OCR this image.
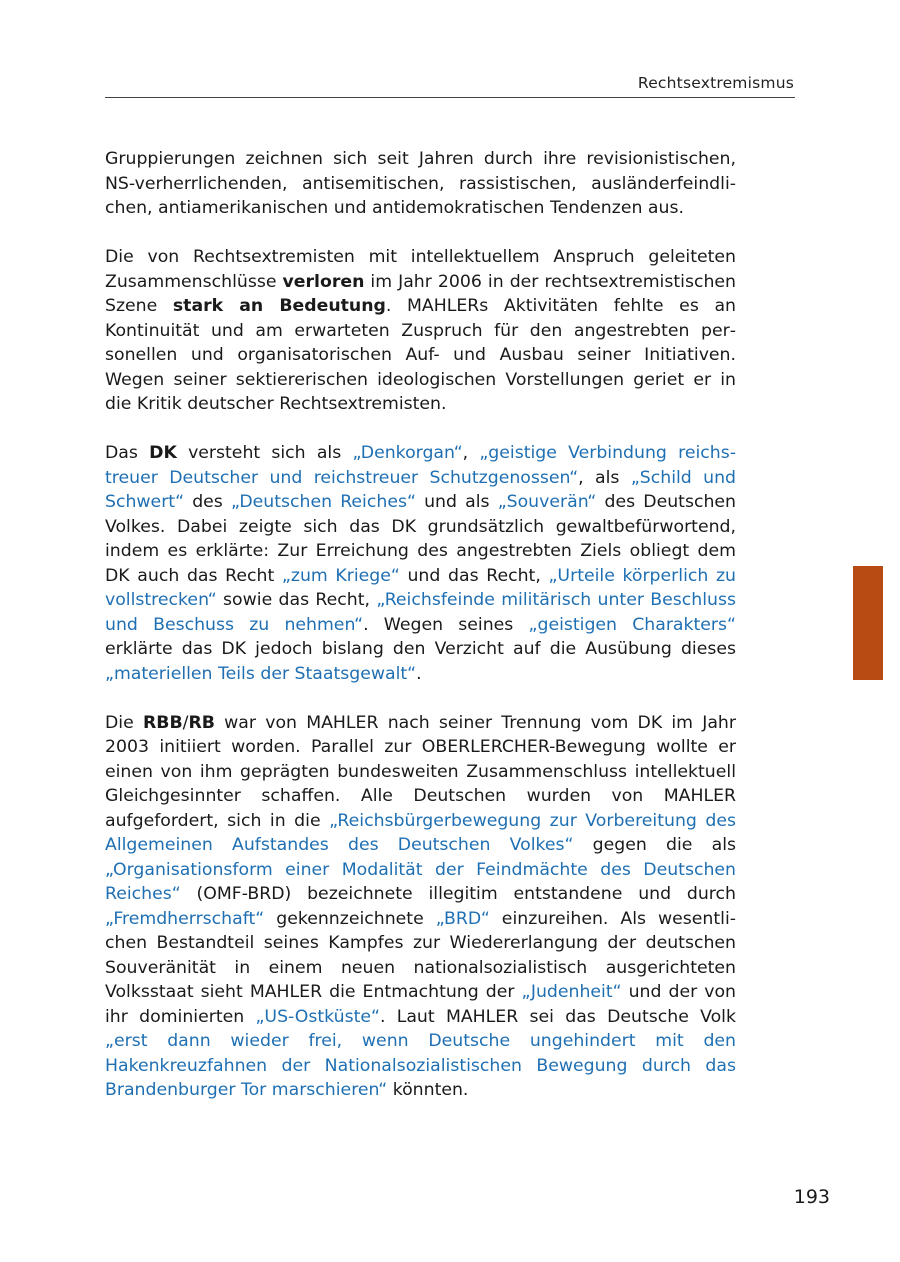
Rechtsextremismus

Gruppierungen zeichnen sich seit Jahren durch ihre revisionistischen, NS-verherrlichenden, antisemitischen, rassistischen, ausländerfeindlichen, antiamerikanischen und antidemokratischen Tendenzen aus.

Die von Rechtsextremisten mit intellektuellem Anspruch geleiteten Zusammenschlüsse verloren im Jahr 2006 in der rechtsextremistischen Szene stark an Bedeutung. MAHLERs Aktivitäten fehlte es an Kontinuität und am erwarteten Zuspruch für den angestrebten personellen und organisatorischen Auf- und Ausbau seiner Initiativen. Wegen seiner sektiererischen ideologischen Vorstellungen geriet er in die Kritik deutscher Rechtsextremisten.

Das DK versteht sich als „Denkorgan“, „geistige Verbindung reichstreuer Deutscher und reichstreuer Schutzgenossen“, als „Schild und Schwert“ des „Deutschen Reiches“ und als „Souverän“ des Deutschen Volkes. Dabei zeigte sich das DK grundsätzlich gewaltbefürwortend, indem es erklärte: Zur Erreichung des angestrebten Ziels obliegt dem DK auch das Recht „zum Kriege“ und das Recht, „Urteile körperlich zu vollstrecken“ sowie das Recht, „Reichsfeinde militärisch unter Beschluss und Beschuss zu nehmen“. Wegen seines „geistigen Charakters“ erklärte das DK jedoch bislang den Verzicht auf die Ausübung dieses „materiellen Teils der Staatsgewalt“.

Die RBB/RB war von MAHLER nach seiner Trennung vom DK im Jahr 2003 initiiert worden. Parallel zur OBERLERCHER-Bewegung wollte er einen von ihm geprägten bundesweiten Zusammenschluss intellektuell Gleichgesinnter schaffen. Alle Deutschen wurden von MAHLER aufgefordert, sich in die „Reichsbürgerbewegung zur Vorbereitung des Allgemeinen Aufstandes des Deutschen Volkes“ gegen die als „Organisationsform einer Modalität der Feindmächte des Deutschen Reiches“ (OMF-BRD) bezeichnete illegitim entstandene und durch „Fremdherrschaft“ gekennzeichnete „BRD“ einzureihen. Als wesentlichen Bestandteil seines Kampfes zur Wiedererlangung der deutschen Souveränität in einem neuen nationalsozialistisch ausgerichteten Volksstaat sieht MAHLER die Entmachtung der „Judenheit“ und der von ihr dominierten „US-Ostküste“. Laut MAHLER sei das Deutsche Volk „erst dann wieder frei, wenn Deutsche ungehindert mit den Hakenkreuzfahnen der Nationalsozialistischen Bewegung durch das Brandenburger Tor marschieren“ könnten.

193
